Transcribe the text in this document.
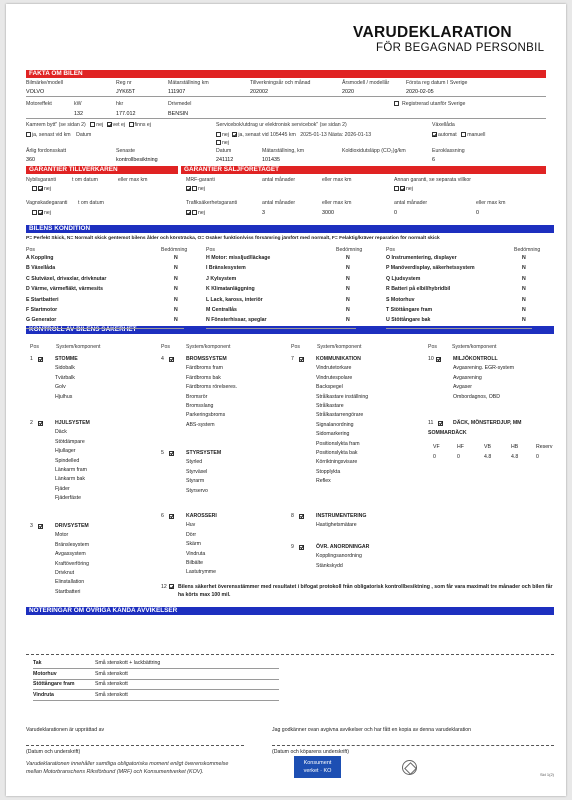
VARUDEKLARATION
FÖR BEGAGNAD PERSONBIL
FAKTA OM BILEN
Bilmärke/modell
VOLVO
Reg nr
JYK65T
Mätarställning km
111907
Tillverkningsår och månad
202002
Årsmodell / modellår
2020
Första reg datum I Sverige
2020-02-05
Motoreffekt	kW
132
hkr
177.012
Drivmedel
BENSIN
Registrerad utanför Sverige
Kamrem bytt" (se sidan 2) nej vet ej finns ej
ja, senast vid km Datum
Servicebok/utdrag ur elektronisk servicebok" (se sidan 2)
nej ja, senast vid 105445 km 2025-01-13 Nästa: 2026-01-13
nej
Växellåda
automat manuell
Årlig fordonsskatt
360
Senaste
kontrollbesiktning
Datum
241112
Mätarställning, km
101435
Koldioxidutsläpp (CO₂)g/km	Euroklassning
6
GARANTIER TILLVERKAREN	GARANTIER SÄLJFÖRETAGET
Nybilsgaranti	t om datum	eller max km
nej
Vagnskadegaranti t om datum
nej
MRF-garanti	antal månader	eller max km	Annan garanti, se separata villkor
nej	nej
Trafiksäkerhetsgaranti	antal månader	eller max km	antal månader	eller max km
nej	3	3000	0	0
BILENS KONDITION
P= Perfekt Skick, N= Normalt skick gentemot bilens ålder och körsträcka, O= Osäker funktion/viss försämring jämfört med normalt, F= Felaktig/kräver reparation för normalt skick
Pos	Bedömning	Pos	Bedömning	Pos	Bedömning
KONTROLL AV BILENS SÄKERHET
Pos	System/komponent	Pos	System/komponent	Pos	System/komponent	Pos	System/komponent
12 Bilens säkerhet överensstämmer med resultatet i bifogat protokoll från obligatorisk kontrollbesiktning , som får vara maximalt tre månader och bilen får ha körts max 100 mil.
NOTERINGAR OM ÖVRIGA KÄNDA AVVIKELSER
Varudeklarationen är upprättad av	Jag godkänner ovan avgivna avvikelser och har fått en kopia av denna varudeklaration
(Datum och underskrift)	(Datum och köparens underskrift)
Varudeklarationen innehåller samtliga obligatoriska moment enligt överenskommelse
mellan Motorbranschens Riksförbund (MRF) och Konsumentverket (KOV).
Konsument
verket · KO
Sid 1(2)
A Koppling	N
B Växellåda	N
C Slutväxel, drivaxlar, drivknutar	N
D Värme, värmefläkt, värmesits	N
E Startbatteri	N
F Startmotor	N
G Generator	N
H Motor: missljud/läckage	N
I Bränslesystem	N
J Kylsystem	N
K Klimatanläggning	N
L Lack, kaross, interiör	N
M Centrallås	N
N Fönsterhissar, speglar	N
O Instrumentering, displayer	N
P Manöverdisplay, säkerhetssystem	N
Q Ljudsystem	N
R Batteri på elbil/hybridbil	N
S Motorhuv	N
T Stöttångare fram	N
U Stöttångare bak	N
1	STOMME
Sidobalk
Tvärbalk
Golv
Hjulhus
2	HJULSYSTEM
Däck
Stötdämpare
Hjullager
Spindelled
Länkarm fram
Länkarm bak
Fjäder
Fjäderfäste
3	DRIVSYSTEM
Motor
Bränslesystem
Avgassystem
Kraftöverföring
Drivknut
Elinstallation
Startbatteri
4	BROMSSYSTEM
Färdbroms fram
Färdbroms bak
Färdbroms rörelseres.
Bromsrör
Bromsslang
Parkeringsbroms
ABS-system
5	STYRSYSTEM
Styrled
Styrväxel
Styrarm
Styrservo
6	KAROSSERI
Huv
Dörr
Skärm
Vindruta
Bilbälte
Lastutrymme
7	KOMMUNIKATION
Vindrutetorkare
Vindrutespolare
Backspegel
Strålkastare inställning
Strålkastare
Strålkastarrengörare
Signalanordning
Sidomarkering
Positionslykta fram
Positionslykta bak
Körriktningsvisare
Stopplykta
Reflex
8	INSTRUMENTERING
Hastighetsmätare
9	ÖVR. ANORDNINGAR
Kopplingsanordning
Stänkskydd
10	MILJÖKONTROLL
Avgasrening. EGR-system
Avgasrening
Avgaser
Ombordagnos, OBD
11	DÄCK, MÖNSTERDJUP, MM
SOMMARDÄCK
VF
0
HF
0
VB
4.8
HB
4.8
Reserv
0
Tak	Små stenskott + lackbättring
Motorhuv	Små stenskott
Stöttångare fram	Små stenskott
Vindruta	Små stenskott
